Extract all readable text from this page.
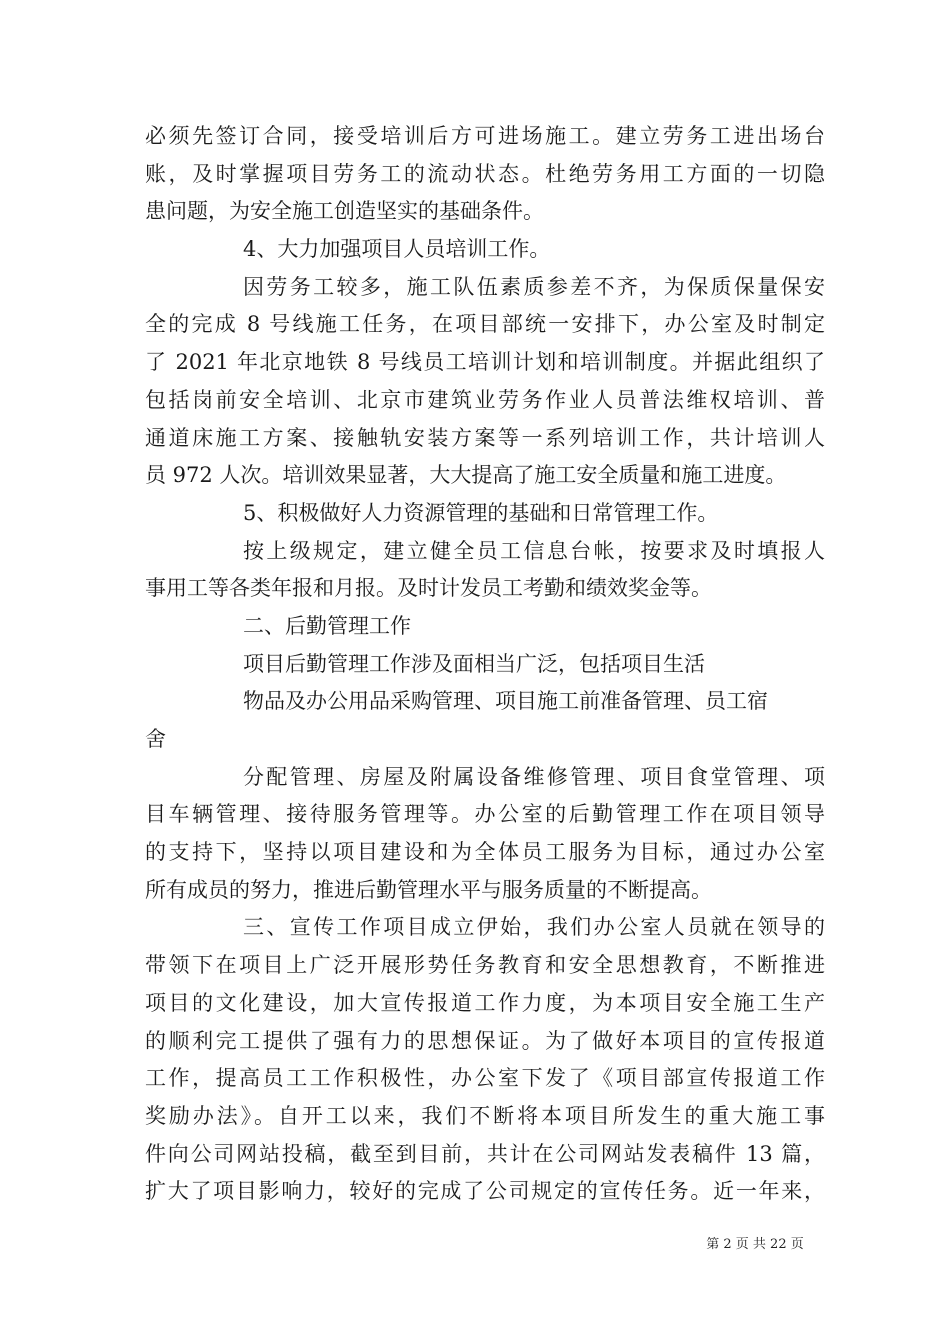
必须先签订合同，接受培训后方可进场施工。建立劳务工进出场台
账，及时掌握项目劳务工的流动状态。杜绝劳务用工方面的一切隐
患问题，为安全施工创造坚实的基础条件。
4、大力加强项目人员培训工作。
因劳务工较多，施工队伍素质参差不齐，为保质保量保安
全的完成 8 号线施工任务，在项目部统一安排下，办公室及时制定
了 2021 年北京地铁 8 号线员工培训计划和培训制度。并据此组织了
包括岗前安全培训、北京市建筑业劳务作业人员普法维权培训、普
通道床施工方案、接触轨安装方案等一系列培训工作，共计培训人
员 972 人次。培训效果显著，大大提高了施工安全质量和施工进度。
5、积极做好人力资源管理的基础和日常管理工作。
按上级规定，建立健全员工信息台帐，按要求及时填报人
事用工等各类年报和月报。及时计发员工考勤和绩效奖金等。
二、后勤管理工作
项目后勤管理工作涉及面相当广泛，包括项目生活
物品及办公用品采购管理、项目施工前准备管理、员工宿
舍
分配管理、房屋及附属设备维修管理、项目食堂管理、项
目车辆管理、接待服务管理等。办公室的后勤管理工作在项目领导
的支持下，坚持以项目建设和为全体员工服务为目标，通过办公室
所有成员的努力，推进后勤管理水平与服务质量的不断提高。
三、宣传工作项目成立伊始，我们办公室人员就在领导的
带领下在项目上广泛开展形势任务教育和安全思想教育，不断推进
项目的文化建设，加大宣传报道工作力度，为本项目安全施工生产
的顺利完工提供了强有力的思想保证。为了做好本项目的宣传报道
工作，提高员工工作积极性，办公室下发了《项目部宣传报道工作
奖励办法》。自开工以来，我们不断将本项目所发生的重大施工事
件向公司网站投稿，截至到目前，共计在公司网站发表稿件 13 篇，
扩大了项目影响力，较好的完成了公司规定的宣传任务。近一年来，
第 2 页 共 22 页
